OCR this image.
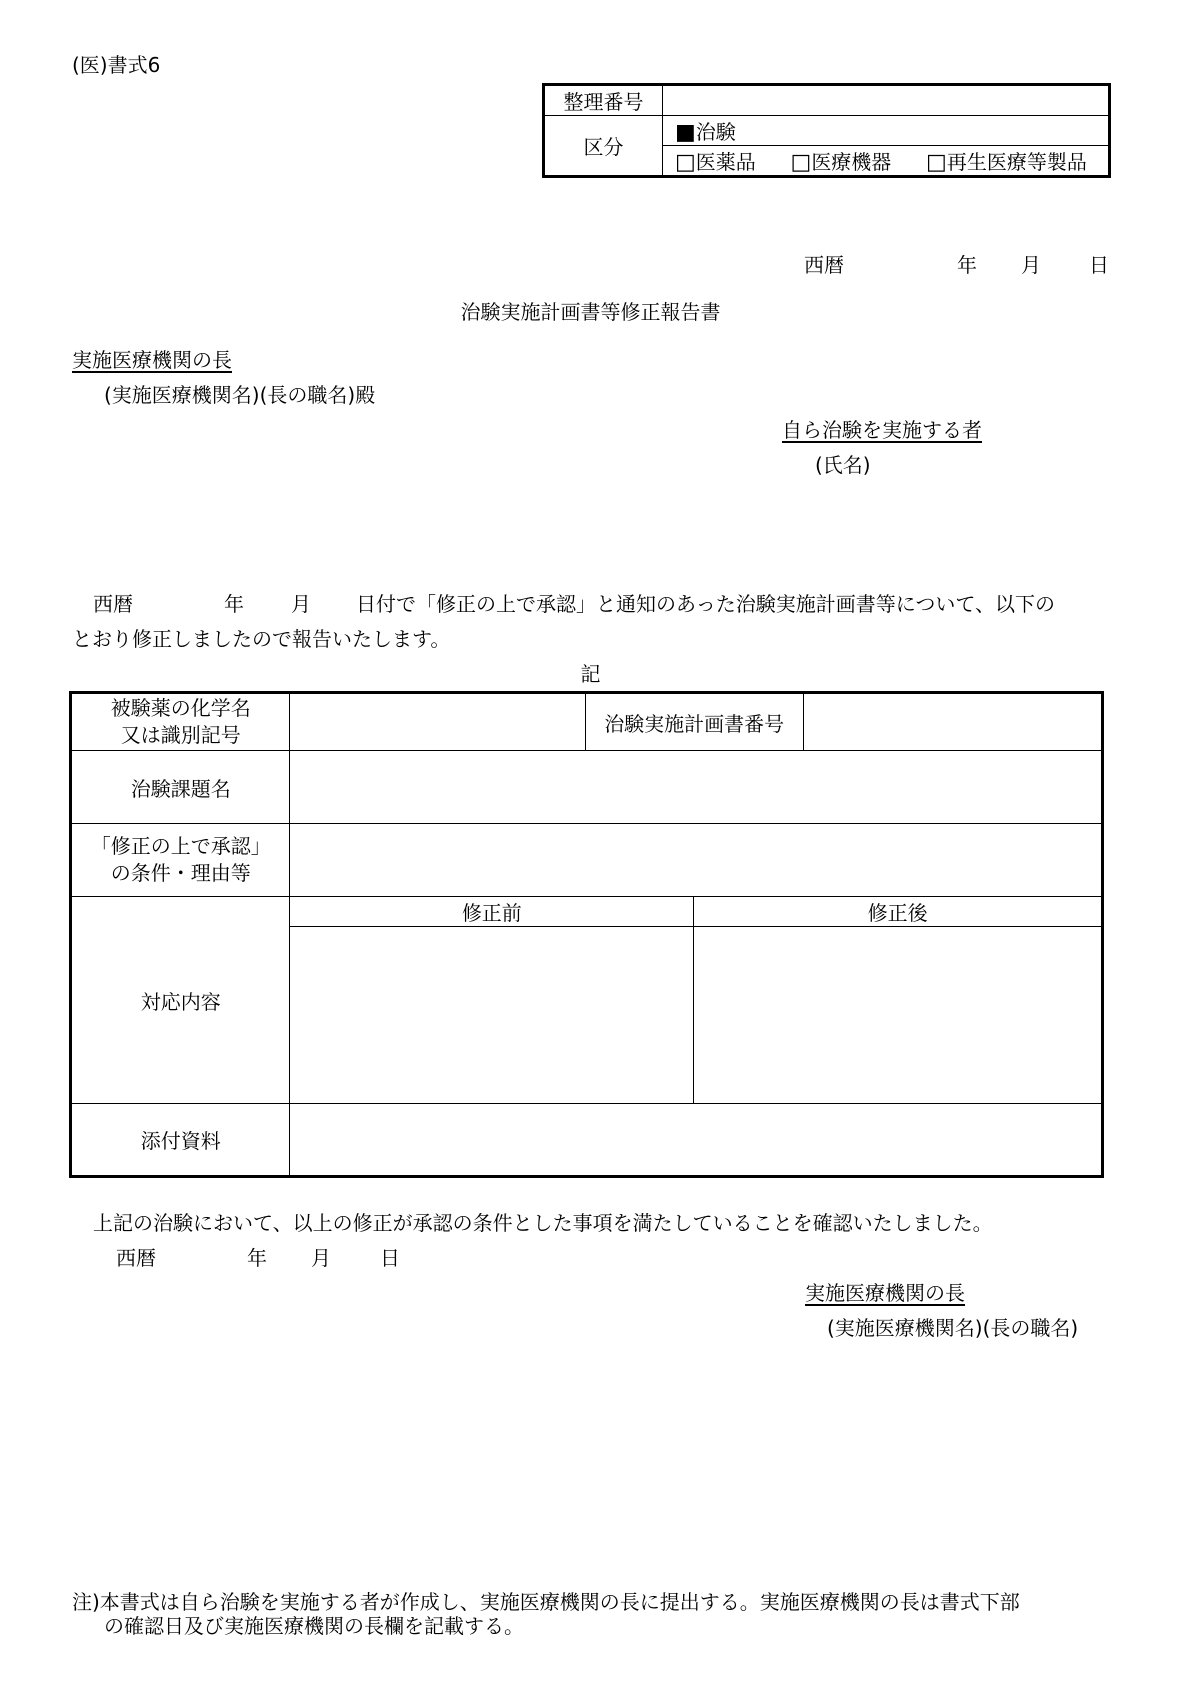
(医)書式6
整理番号	
区分	■治験
	□医薬品 □医療機器 □再生医療等製品
西暦	年 月 日
治験実施計画書等修正報告書
実施医療機関の長
(実施医療機関名)(長の職名)殿
自ら治験を実施する者
(氏名)
西暦	年 月 日付で「修正の上で承認」と通知のあった治験実施計画書等について、以下の
とおり修正しましたので報告いたします。
記
被験薬の化学名
又は識別記号		治験実施計画書番号		
治験課題名				

「修正の上で承認」
の条件・理由等				

対応内容	修正前		修正後	

添付資料				
上記の治験において、以上の修正が承認の条件とした事項を満たしていることを確認いたしました。
西暦	年 月 日
実施医療機関の長
(実施医療機関名)(長の職名)
注)本書式は自ら治験を実施する者が作成し、実施医療機関の長に提出する。実施医療機関の長は書式下部
の確認日及び実施医療機関の長欄を記載する。
